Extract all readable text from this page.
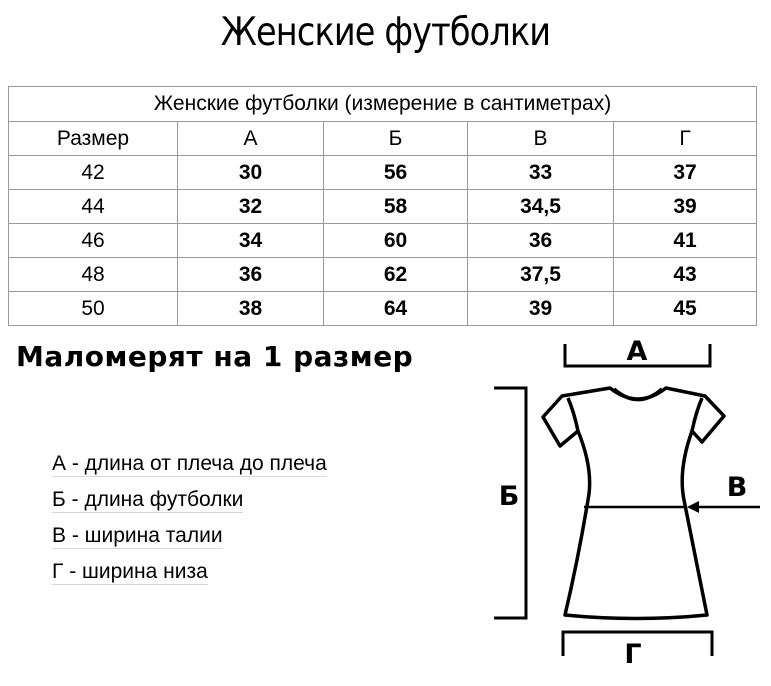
Женские футболки
Женские футболки (измерение в сантиметрах)				
Размер	А	Б	В	Г
42	30	56	33	37
44	32	58	34,5	39
46	34	60	36	41
48	36	62	37,5	43
50	38	64	39	45
Маломерят на 1 размер
А - длина от плеча до плеча
Б - длина футболки
В - ширина талии
Г - ширина низа
А
Б	В
Г
